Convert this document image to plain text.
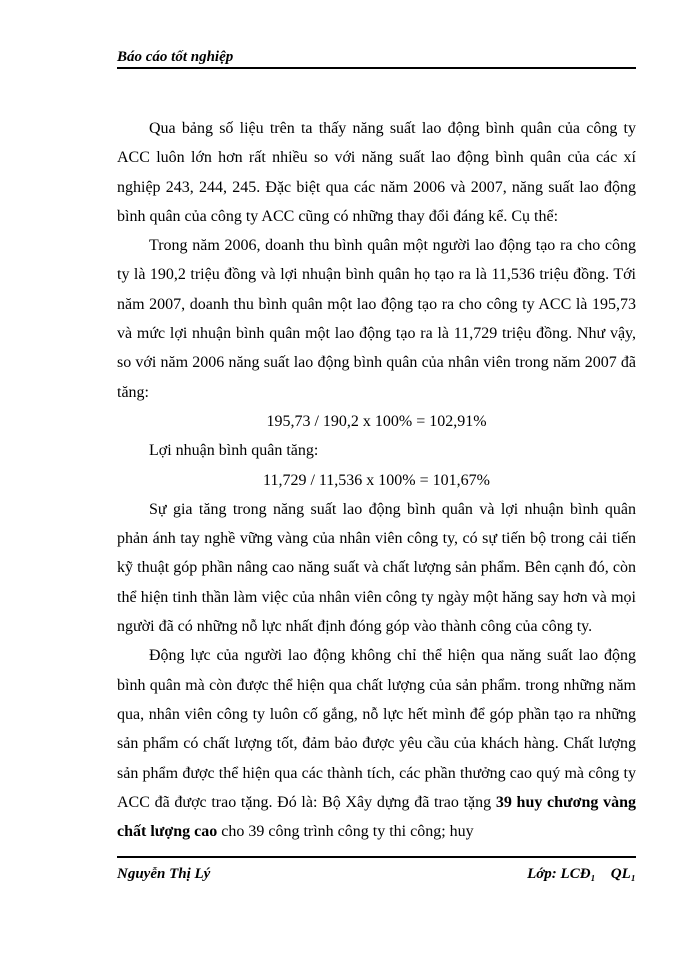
Báo cáo tốt nghiệp

Qua bảng số liệu trên ta thấy năng suất lao động bình quân của công ty ACC luôn lớn hơn rất nhiều so với năng suất lao động bình quân của các xí nghiệp 243, 244, 245. Đặc biệt qua các năm 2006 và 2007, năng suất lao động bình quân của công ty ACC cũng có những thay đổi đáng kể. Cụ thể:

Trong năm 2006, doanh thu bình quân một người lao động tạo ra cho công ty là 190,2 triệu đồng và lợi nhuận bình quân họ tạo ra là 11,536 triệu đồng. Tới năm 2007, doanh thu bình quân một lao động tạo ra cho công ty ACC là 195,73 và mức lợi nhuận bình quân một lao động tạo ra là 11,729 triệu đồng. Như vậy, so với năm 2006 năng suất lao động bình quân của nhân viên trong năm 2007 đã tăng:

195,73 / 190,2 x 100% = 102,91%

Lợi nhuận bình quân tăng:

11,729 / 11,536 x 100% = 101,67%

Sự gia tăng trong năng suất lao động bình quân và lợi nhuận bình quân phản ánh tay nghề vững vàng của nhân viên công ty, có sự tiến bộ trong cải tiến kỹ thuật góp phần nâng cao năng suất và chất lượng sản phẩm. Bên cạnh đó, còn thể hiện tinh thần làm việc của nhân viên công ty ngày một hăng say hơn và mọi người đã có những nỗ lực nhất định đóng góp vào thành công của công ty.

Động lực của người lao động không chỉ thể hiện qua năng suất lao động bình quân mà còn được thể hiện qua chất lượng của sản phẩm. trong những năm qua, nhân viên công ty luôn cố gắng, nỗ lực hết mình để góp phần tạo ra những sản phẩm có chất lượng tốt, đảm bảo được yêu cầu của khách hàng. Chất lượng sản phẩm được thể hiện qua các thành tích, các phần thưởng cao quý mà công ty ACC đã được trao tặng. Đó là: Bộ Xây dựng đã trao tặng 39 huy chương vàng chất lượng cao cho 39 công trình công ty thi công; huy

Nguyễn Thị Lý	Lớp: LCĐ₁    QL₁
